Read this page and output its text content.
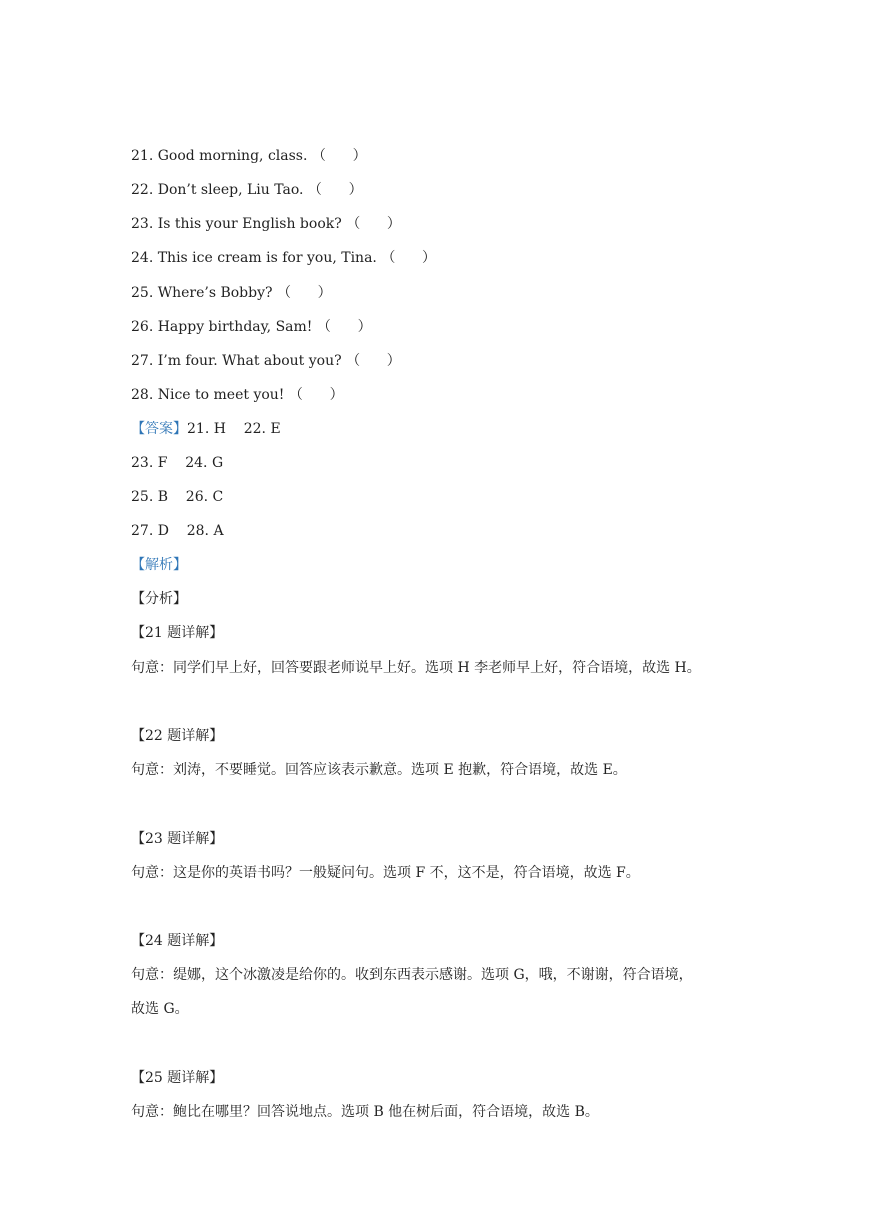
21. Good morning, class. （      ）
22. Don’t sleep, Liu Tao. （      ）
23. Is this your English book? （      ）
24. This ice cream is for you, Tina. （      ）
25. Where’s Bobby? （      ）
26. Happy birthday, Sam! （      ）
27. I’m four. What about you? （      ）
28. Nice to meet you! （      ）
【答案】21. H    22. E
23. F    24. G
25. B    26. C
27. D    28. A
【解析】
【分析】
【21 题详解】
句意：同学们早上好，回答要跟老师说早上好。选项 H 李老师早上好，符合语境，故选 H。
【22 题详解】
句意：刘涛，不要睡觉。回答应该表示歉意。选项 E 抱歉，符合语境，故选 E。
【23 题详解】
句意：这是你的英语书吗？一般疑问句。选项 F 不，这不是，符合语境，故选 F。
【24 题详解】
句意：缇娜，这个冰激凌是给你的。收到东西表示感谢。选项 G，哦，不谢谢，符合语境，
故选 G。
【25 题详解】
句意：鲍比在哪里？回答说地点。选项 B 他在树后面，符合语境，故选 B。
